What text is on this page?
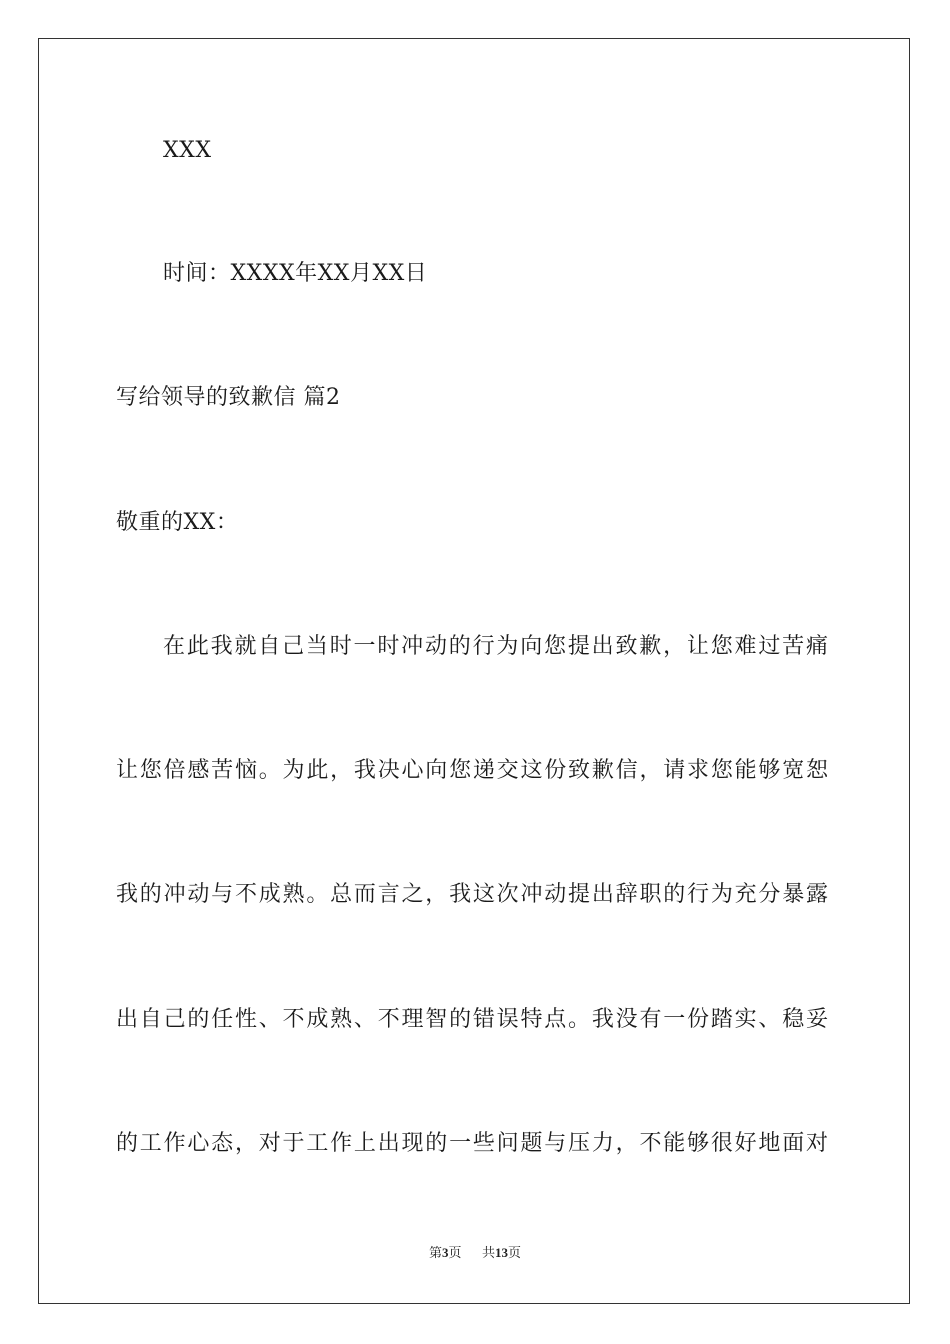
XXX
时间：XXXX年XX月XX日
写给领导的致歉信 篇2
敬重的XX：
在此我就自己当时一时冲动的行为向您提出致歉，让您难过苦痛
让您倍感苦恼。为此，我决心向您递交这份致歉信，请求您能够宽恕
我的冲动与不成熟。总而言之，我这次冲动提出辞职的行为充分暴露
出自己的任性、不成熟、不理智的错误特点。我没有一份踏实、稳妥
的工作心态，对于工作上出现的一些问题与压力，不能够很好地面对
第3页 共13页
